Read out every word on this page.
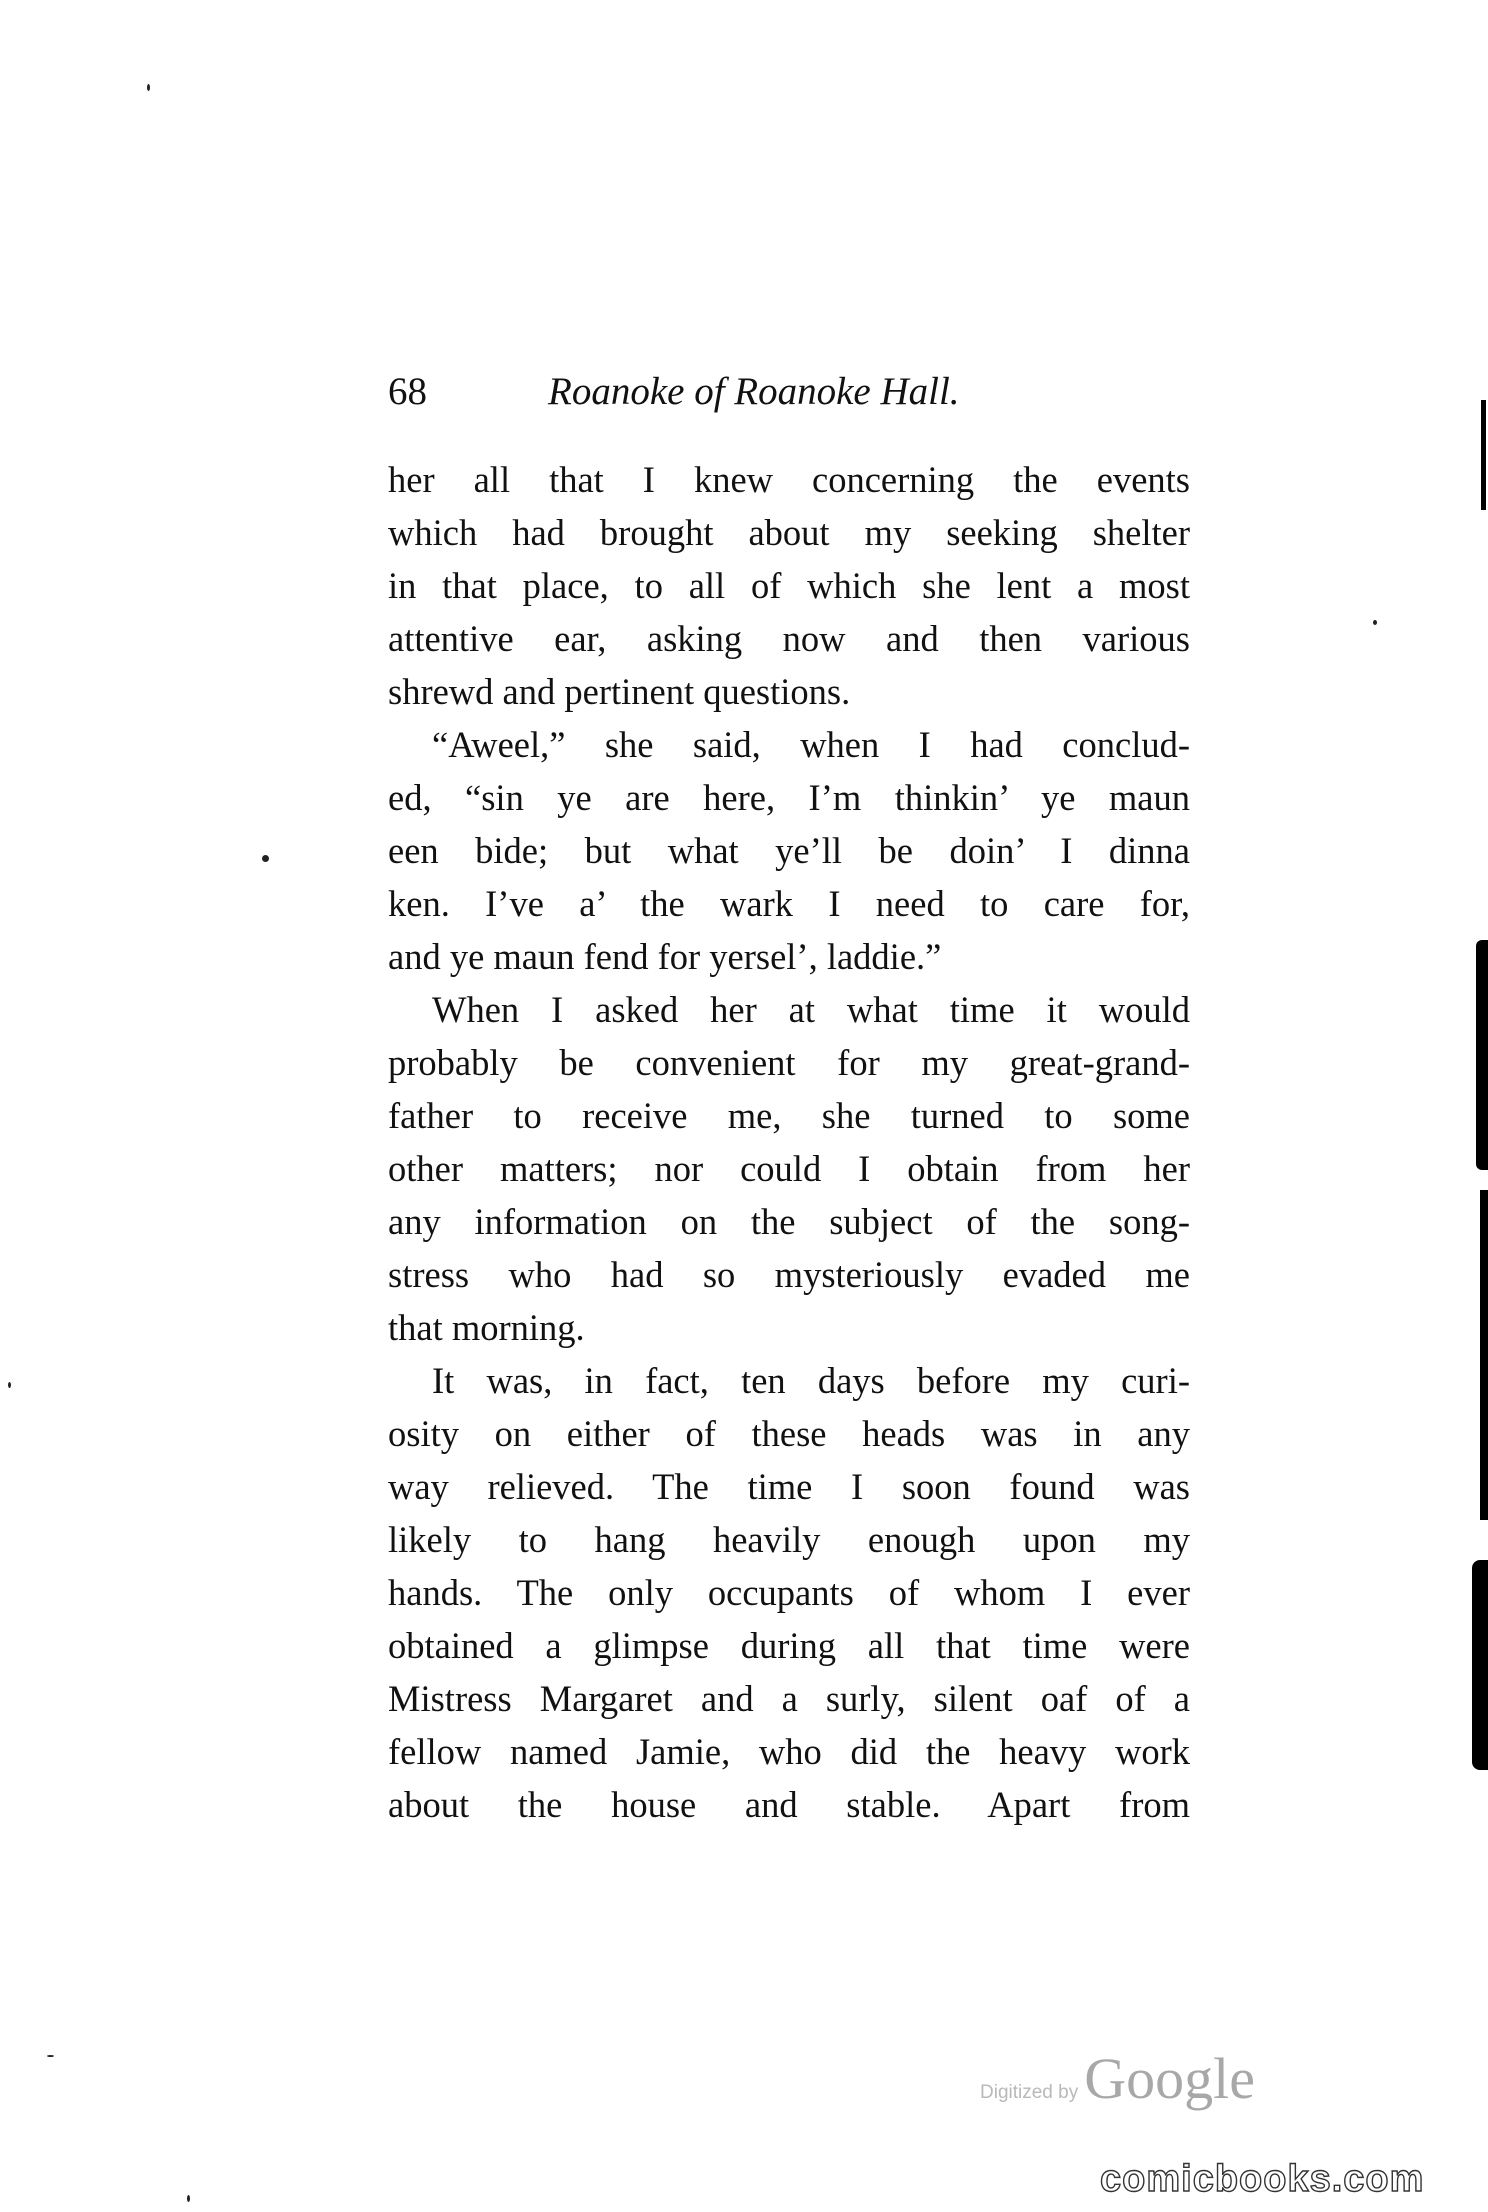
68	Roanoke of Roanoke Hall.
her all that I knew concerning the events
which had brought about my seeking shelter
in that place, to all of which she lent a most
attentive ear, asking now and then various
shrewd and pertinent questions.
“Aweel,” she said, when I had conclud-
ed, “sin ye are here, I’m thinkin’ ye maun
een bide; but what ye’ll be doin’ I dinna
ken. I’ve a’ the wark I need to care for,
and ye maun fend for yersel’, laddie.”
When I asked her at what time it would
probably be convenient for my great-grand-
father to receive me, she turned to some
other matters; nor could I obtain from her
any information on the subject of the song-
stress who had so mysteriously evaded me
that morning.
It was, in fact, ten days before my curi-
osity on either of these heads was in any
way relieved. The time I soon found was
likely to hang heavily enough upon my
hands. The only occupants of whom I ever
obtained a glimpse during all that time were
Mistress Margaret and a surly, silent oaf of a
fellow named Jamie, who did the heavy work
about the house and stable. Apart from
Digitized by Google
comicbooks.com
